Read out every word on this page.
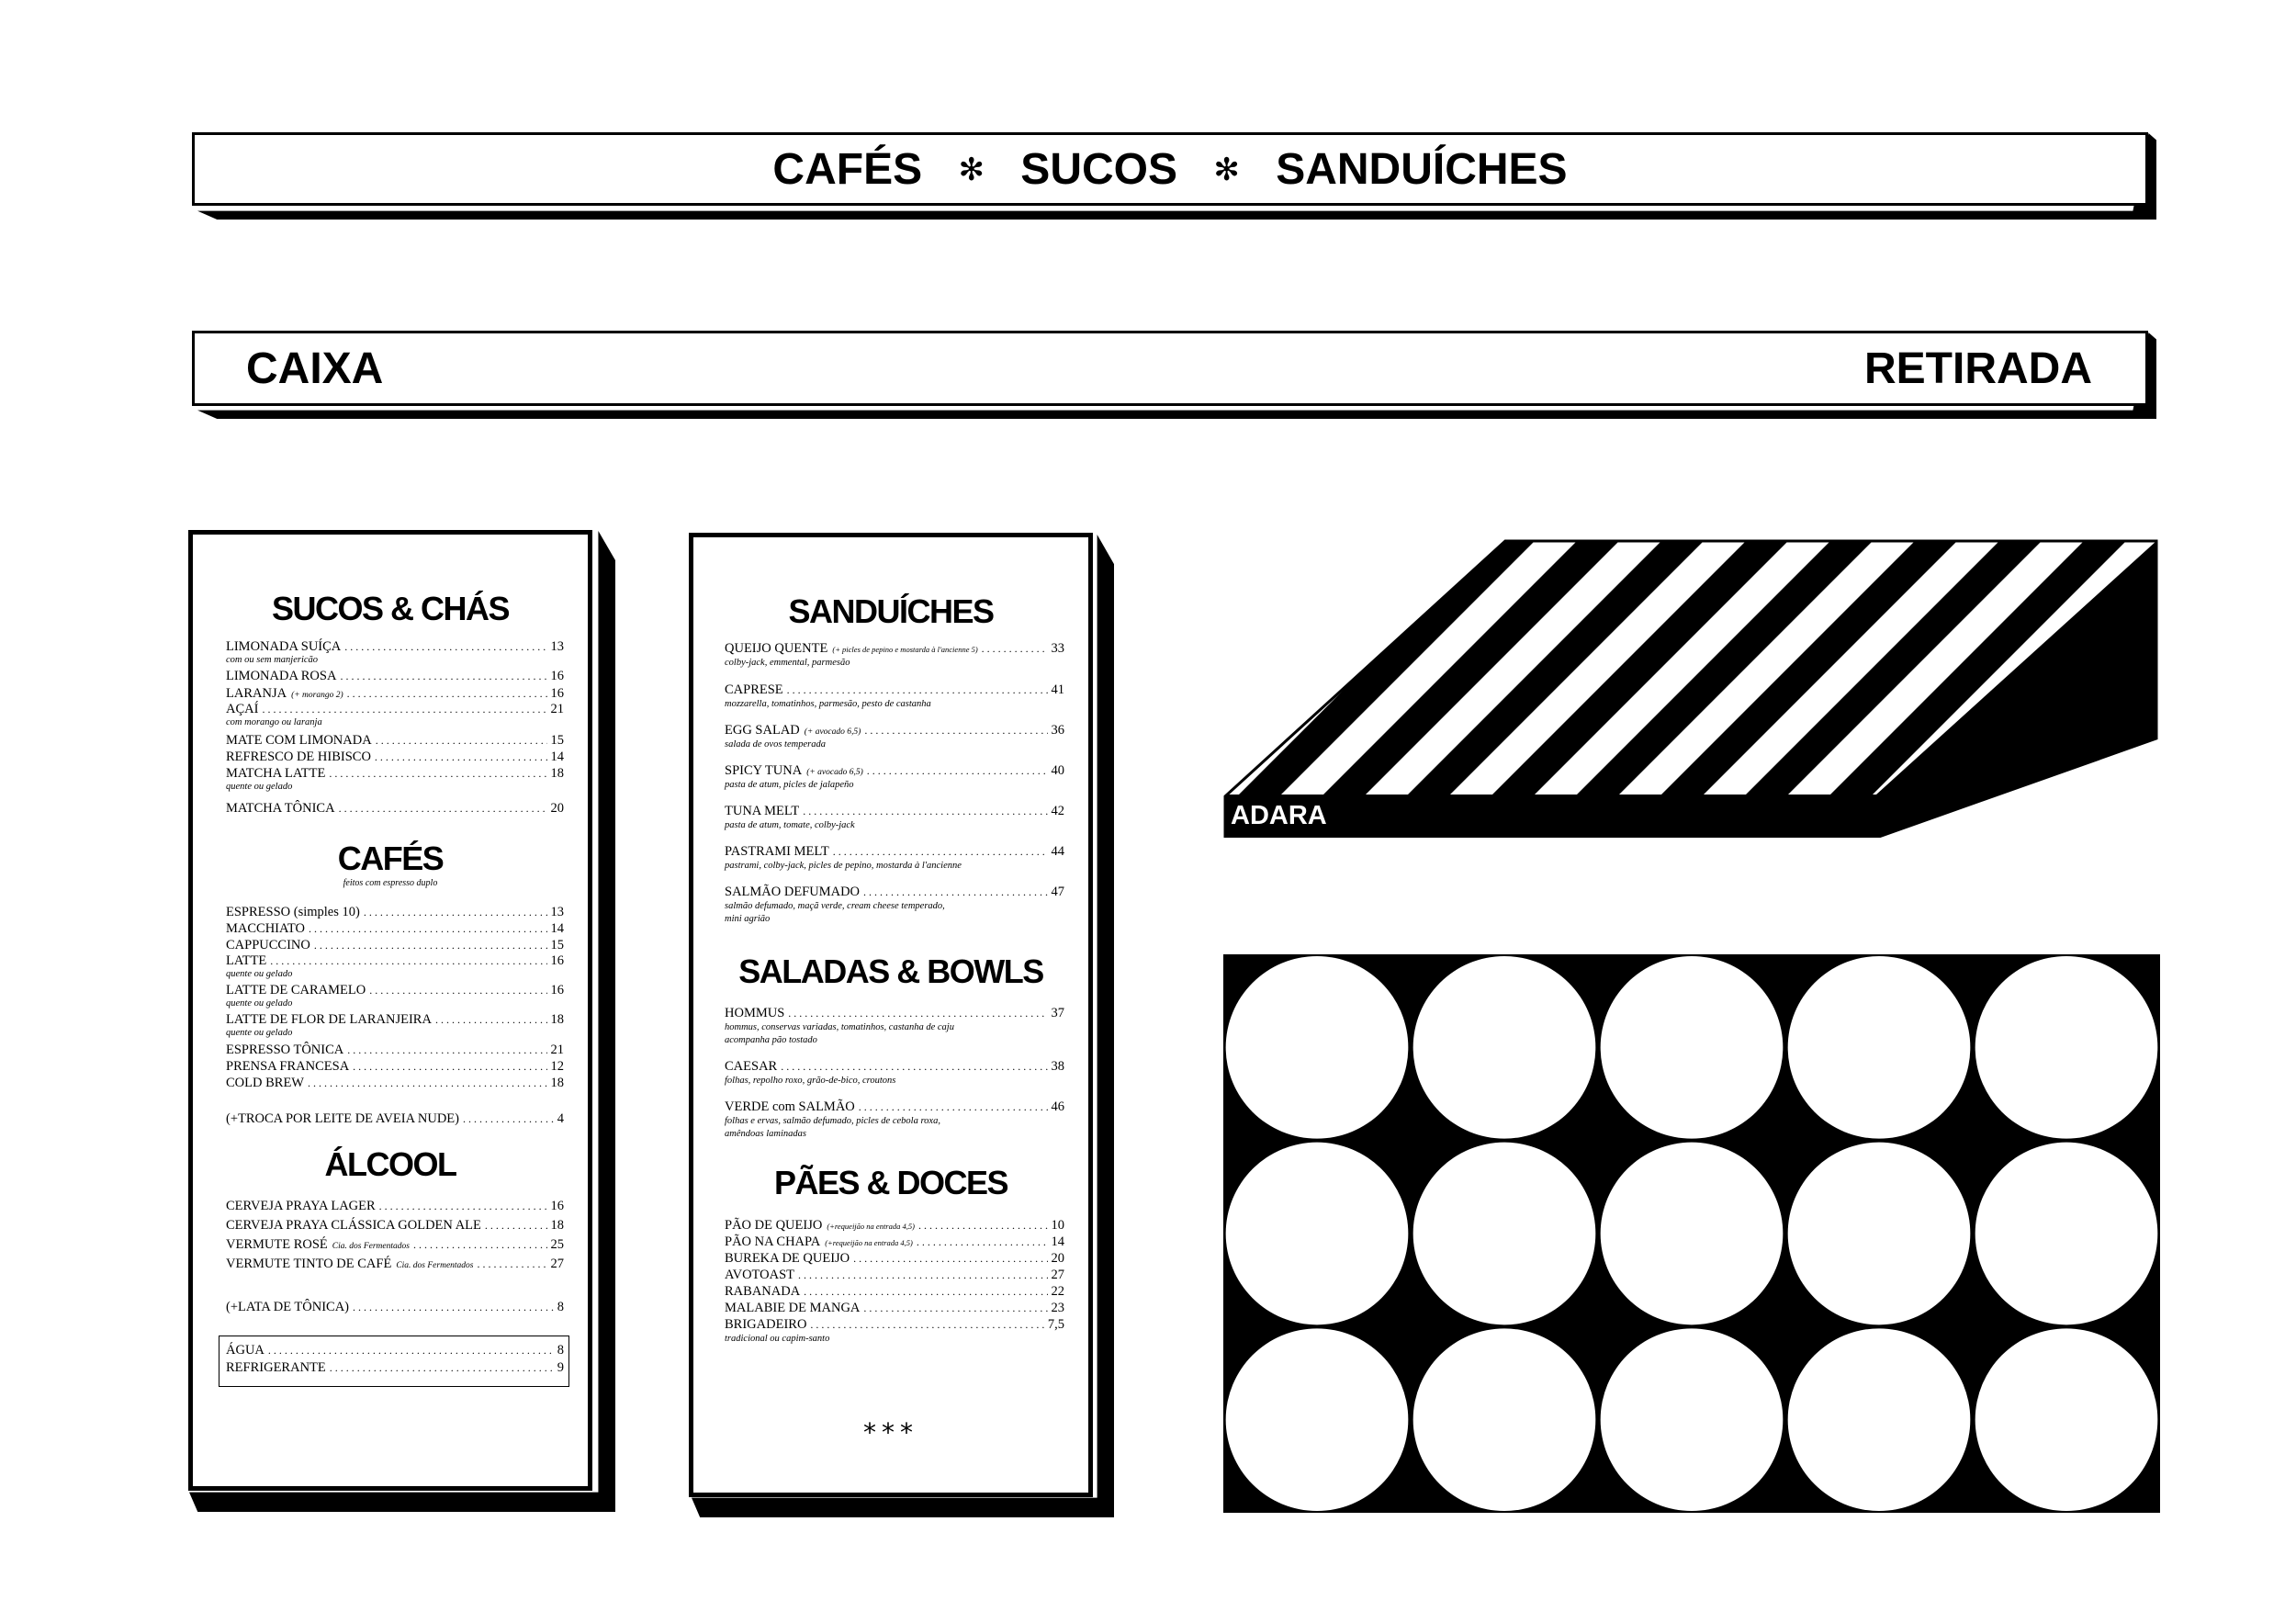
CAFÉS ✻ SUCOS ✻ SANDUÍCHES
CAIXA	RETIRADA
SUCOS & CHÁS
LIMONADA SUÍÇA . . .	13
com ou sem manjericão
LIMONADA ROSA . . .	16
LARANJA (+ morango 2) . . .	16
AÇAÍ . . .	21
com morango ou laranja
MATE COM LIMONADA . . .	15
REFRESCO DE HIBISCO . . .	14
MATCHA LATTE . . .	18
quente ou gelado
MATCHA TÔNICA . . .	20
CAFÉS
feitos com espresso duplo
ESPRESSO (simples 10) . . .	13
MACCHIATO . . .	14
CAPPUCCINO . . .	15
LATTE . . .	16
quente ou gelado
LATTE DE CARAMELO . . .	16
quente ou gelado
LATTE DE FLOR DE LARANJEIRA . . .	18
quente ou gelado
ESPRESSO TÔNICA . . .	21
PRENSA FRANCESA . . .	12
COLD BREW . . .	18
(+TROCA POR LEITE DE AVEIA NUDE) . . .	4
ÁLCOOL
CERVEJA PRAYA LAGER . . .	16
CERVEJA PRAYA CLÁSSICA GOLDEN ALE . . .	18
VERMUTE ROSÉ Cia. dos Fermentados . . .	25
VERMUTE TINTO DE CAFÉ Cia. dos Fermentados . . .	27
(+LATA DE TÔNICA) . . .	8
ÁGUA . . .	8
REFRIGERANTE . . .	9
SANDUÍCHES
QUEIJO QUENTE (+ picles de pepino e mostarda à l'ancienne 5) . . .	33
colby-jack, emmental, parmesão
CAPRESE . . .	41
mozzarella, tomatinhos, parmesão, pesto de castanha
EGG SALAD (+ avocado 6,5) . . .	36
salada de ovos temperada
SPICY TUNA (+ avocado 6,5) . . .	40
pasta de atum, picles de jalapeño
TUNA MELT . . .	42
pasta de atum, tomate, colby-jack
PASTRAMI MELT . . .	44
pastrami, colby-jack, picles de pepino, mostarda à l'ancienne
SALMÃO DEFUMADO . . .	47
salmão defumado, maçã verde, cream cheese temperado,
mini agrião
SALADAS & BOWLS
HOMMUS . . .	37
hommus, conservas variadas, tomatinhos, castanha de caju
acompanha pão tostado
CAESAR . . .	38
folhas, repolho roxo, grão-de-bico, croutons
VERDE com SALMÃO . . .	46
folhas e ervas, salmão defumado, picles de cebola roxa,
amêndoas laminadas
PÃES & DOCES
PÃO DE QUEIJO (+requeijão na entrada 4,5) . . .	10
PÃO NA CHAPA (+requeijão na entrada 4,5) . . .	14
BUREKA DE QUEIJO . . .	20
AVOTOAST . . .	27
RABANADA . . .	22
MALABIE DE MANGA . . .	23
BRIGADEIRO . . .	7,5
tradicional ou capim-santo
***
ADARA
